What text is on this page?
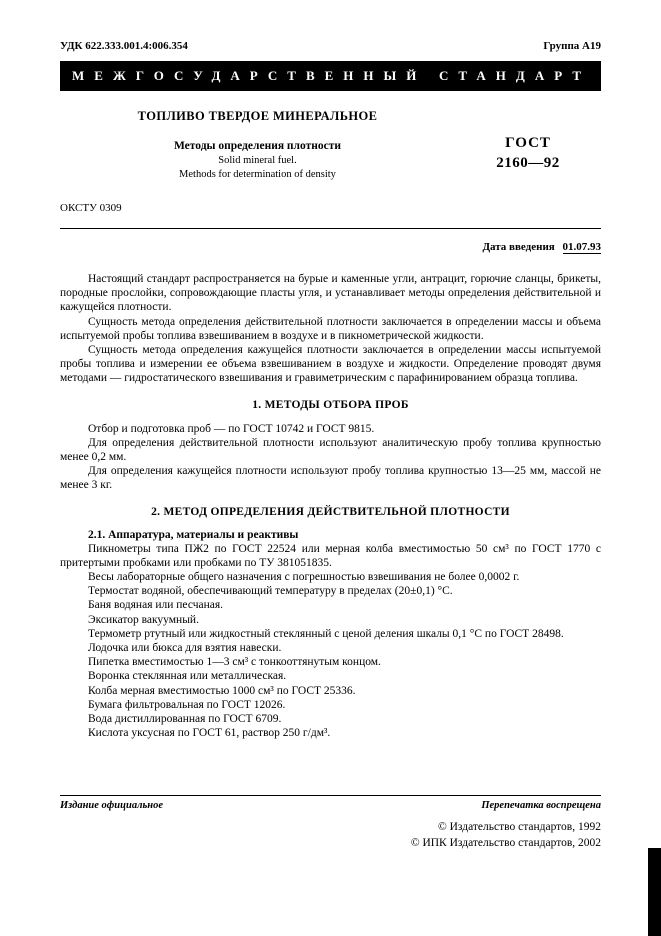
УДК 622.333.001.4:006.354	Группа А19
МЕЖГОСУДАРСТВЕННЫЙ СТАНДАРТ
ТОПЛИВО ТВЕРДОЕ МИНЕРАЛЬНОЕ
Методы определения плотности
Solid mineral fuel.
Methods for determination of density
ГОСТ
2160—92
ОКСТУ 0309
Дата введения 01.07.93

Настоящий стандарт распространяется на бурые и каменные угли, антрацит, горючие сланцы, брикеты, породные прослойки, сопровождающие пласты угля, и устанавливает методы определения действительной и кажущейся плотности.

Сущность метода определения действительной плотности заключается в определении массы и объема испытуемой пробы топлива взвешиванием в воздухе и в пикнометрической жидкости.

Сущность метода определения кажущейся плотности заключается в определении массы испытуемой пробы топлива и измерении ее объема взвешиванием в воздухе и жидкости. Определение проводят двумя методами — гидростатического взвешивания и гравиметрическим с парафинированием образца топлива.

1. МЕТОДЫ ОТБОРА ПРОБ

Отбор и подготовка проб — по ГОСТ 10742 и ГОСТ 9815.

Для определения действительной плотности используют аналитическую пробу топлива крупностью менее 0,2 мм.

Для определения кажущейся плотности используют пробу топлива крупностью 13—25 мм, массой не менее 3 кг.

2. МЕТОД ОПРЕДЕЛЕНИЯ ДЕЙСТВИТЕЛЬНОЙ ПЛОТНОСТИ
2.1. Аппаратура, материалы и реактивы

Пикнометры типа ПЖ2 по ГОСТ 22524 или мерная колба вместимостью 50 см³ по ГОСТ 1770 с притертыми пробками или пробками по ТУ 381051835.

Весы лабораторные общего назначения с погрешностью взвешивания не более 0,0002 г.

Термостат водяной, обеспечивающий температуру в пределах (20±0,1) °С.

Баня водяная или песчаная.

Эксикатор вакуумный.

Термометр ртутный или жидкостный стеклянный с ценой деления шкалы 0,1 °С по ГОСТ 28498.

Лодочка или бюкса для взятия навески.

Пипетка вместимостью 1—3 см³ с тонкооттянутым концом.

Воронка стеклянная или металлическая.

Колба мерная вместимостью 1000 см³ по ГОСТ 25336.

Бумага фильтровальная по ГОСТ 12026.

Вода дистиллированная по ГОСТ 6709.

Кислота уксусная по ГОСТ 61, раствор 250 г/дм³.

Издание официальное	Перепечатка воспрещена
© Издательство стандартов, 1992
© ИПК Издательство стандартов, 2002
